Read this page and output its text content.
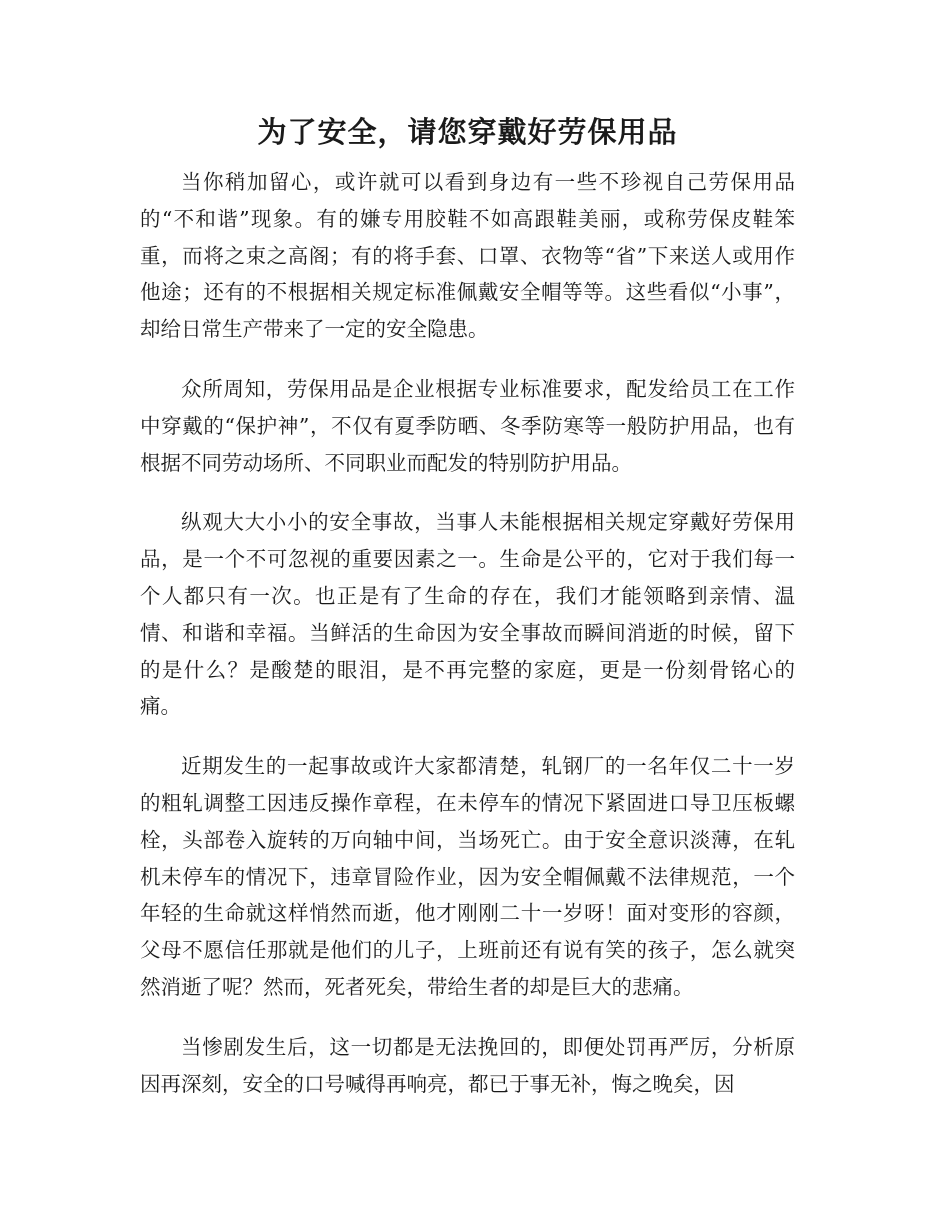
为了安全，请您穿戴好劳保用品

当你稍加留心，或许就可以看到身边有一些不珍视自己劳保用品的“不和谐”现象。有的嫌专用胶鞋不如高跟鞋美丽，或称劳保皮鞋笨重，而将之束之高阁；有的将手套、口罩、衣物等“省”下来送人或用作他途；还有的不根据相关规定标准佩戴安全帽等等。这些看似“小事”，却给日常生产带来了一定的安全隐患。

众所周知，劳保用品是企业根据专业标准要求，配发给员工在工作中穿戴的“保护神”，不仅有夏季防晒、冬季防寒等一般防护用品，也有根据不同劳动场所、不同职业而配发的特别防护用品。

纵观大大小小的安全事故，当事人未能根据相关规定穿戴好劳保用品，是一个不可忽视的重要因素之一。生命是公平的，它对于我们每一个人都只有一次。也正是有了生命的存在，我们才能领略到亲情、温情、和谐和幸福。当鲜活的生命因为安全事故而瞬间消逝的时候，留下的是什么？是酸楚的眼泪，是不再完整的家庭，更是一份刻骨铭心的痛。

近期发生的一起事故或许大家都清楚，轧钢厂的一名年仅二十一岁的粗轧调整工因违反操作章程，在未停车的情况下紧固进口导卫压板螺栓，头部卷入旋转的万向轴中间，当场死亡。由于安全意识淡薄，在轧机未停车的情况下，违章冒险作业，因为安全帽佩戴不法律规范，一个年轻的生命就这样悄然而逝，他才刚刚二十一岁呀！面对变形的容颜，父母不愿信任那就是他们的儿子，上班前还有说有笑的孩子，怎么就突然消逝了呢？然而，死者死矣，带给生者的却是巨大的悲痛。

当惨剧发生后，这一切都是无法挽回的，即便处罚再严厉，分析原因再深刻，安全的口号喊得再响亮，都已于事无补，悔之晚矣，因
